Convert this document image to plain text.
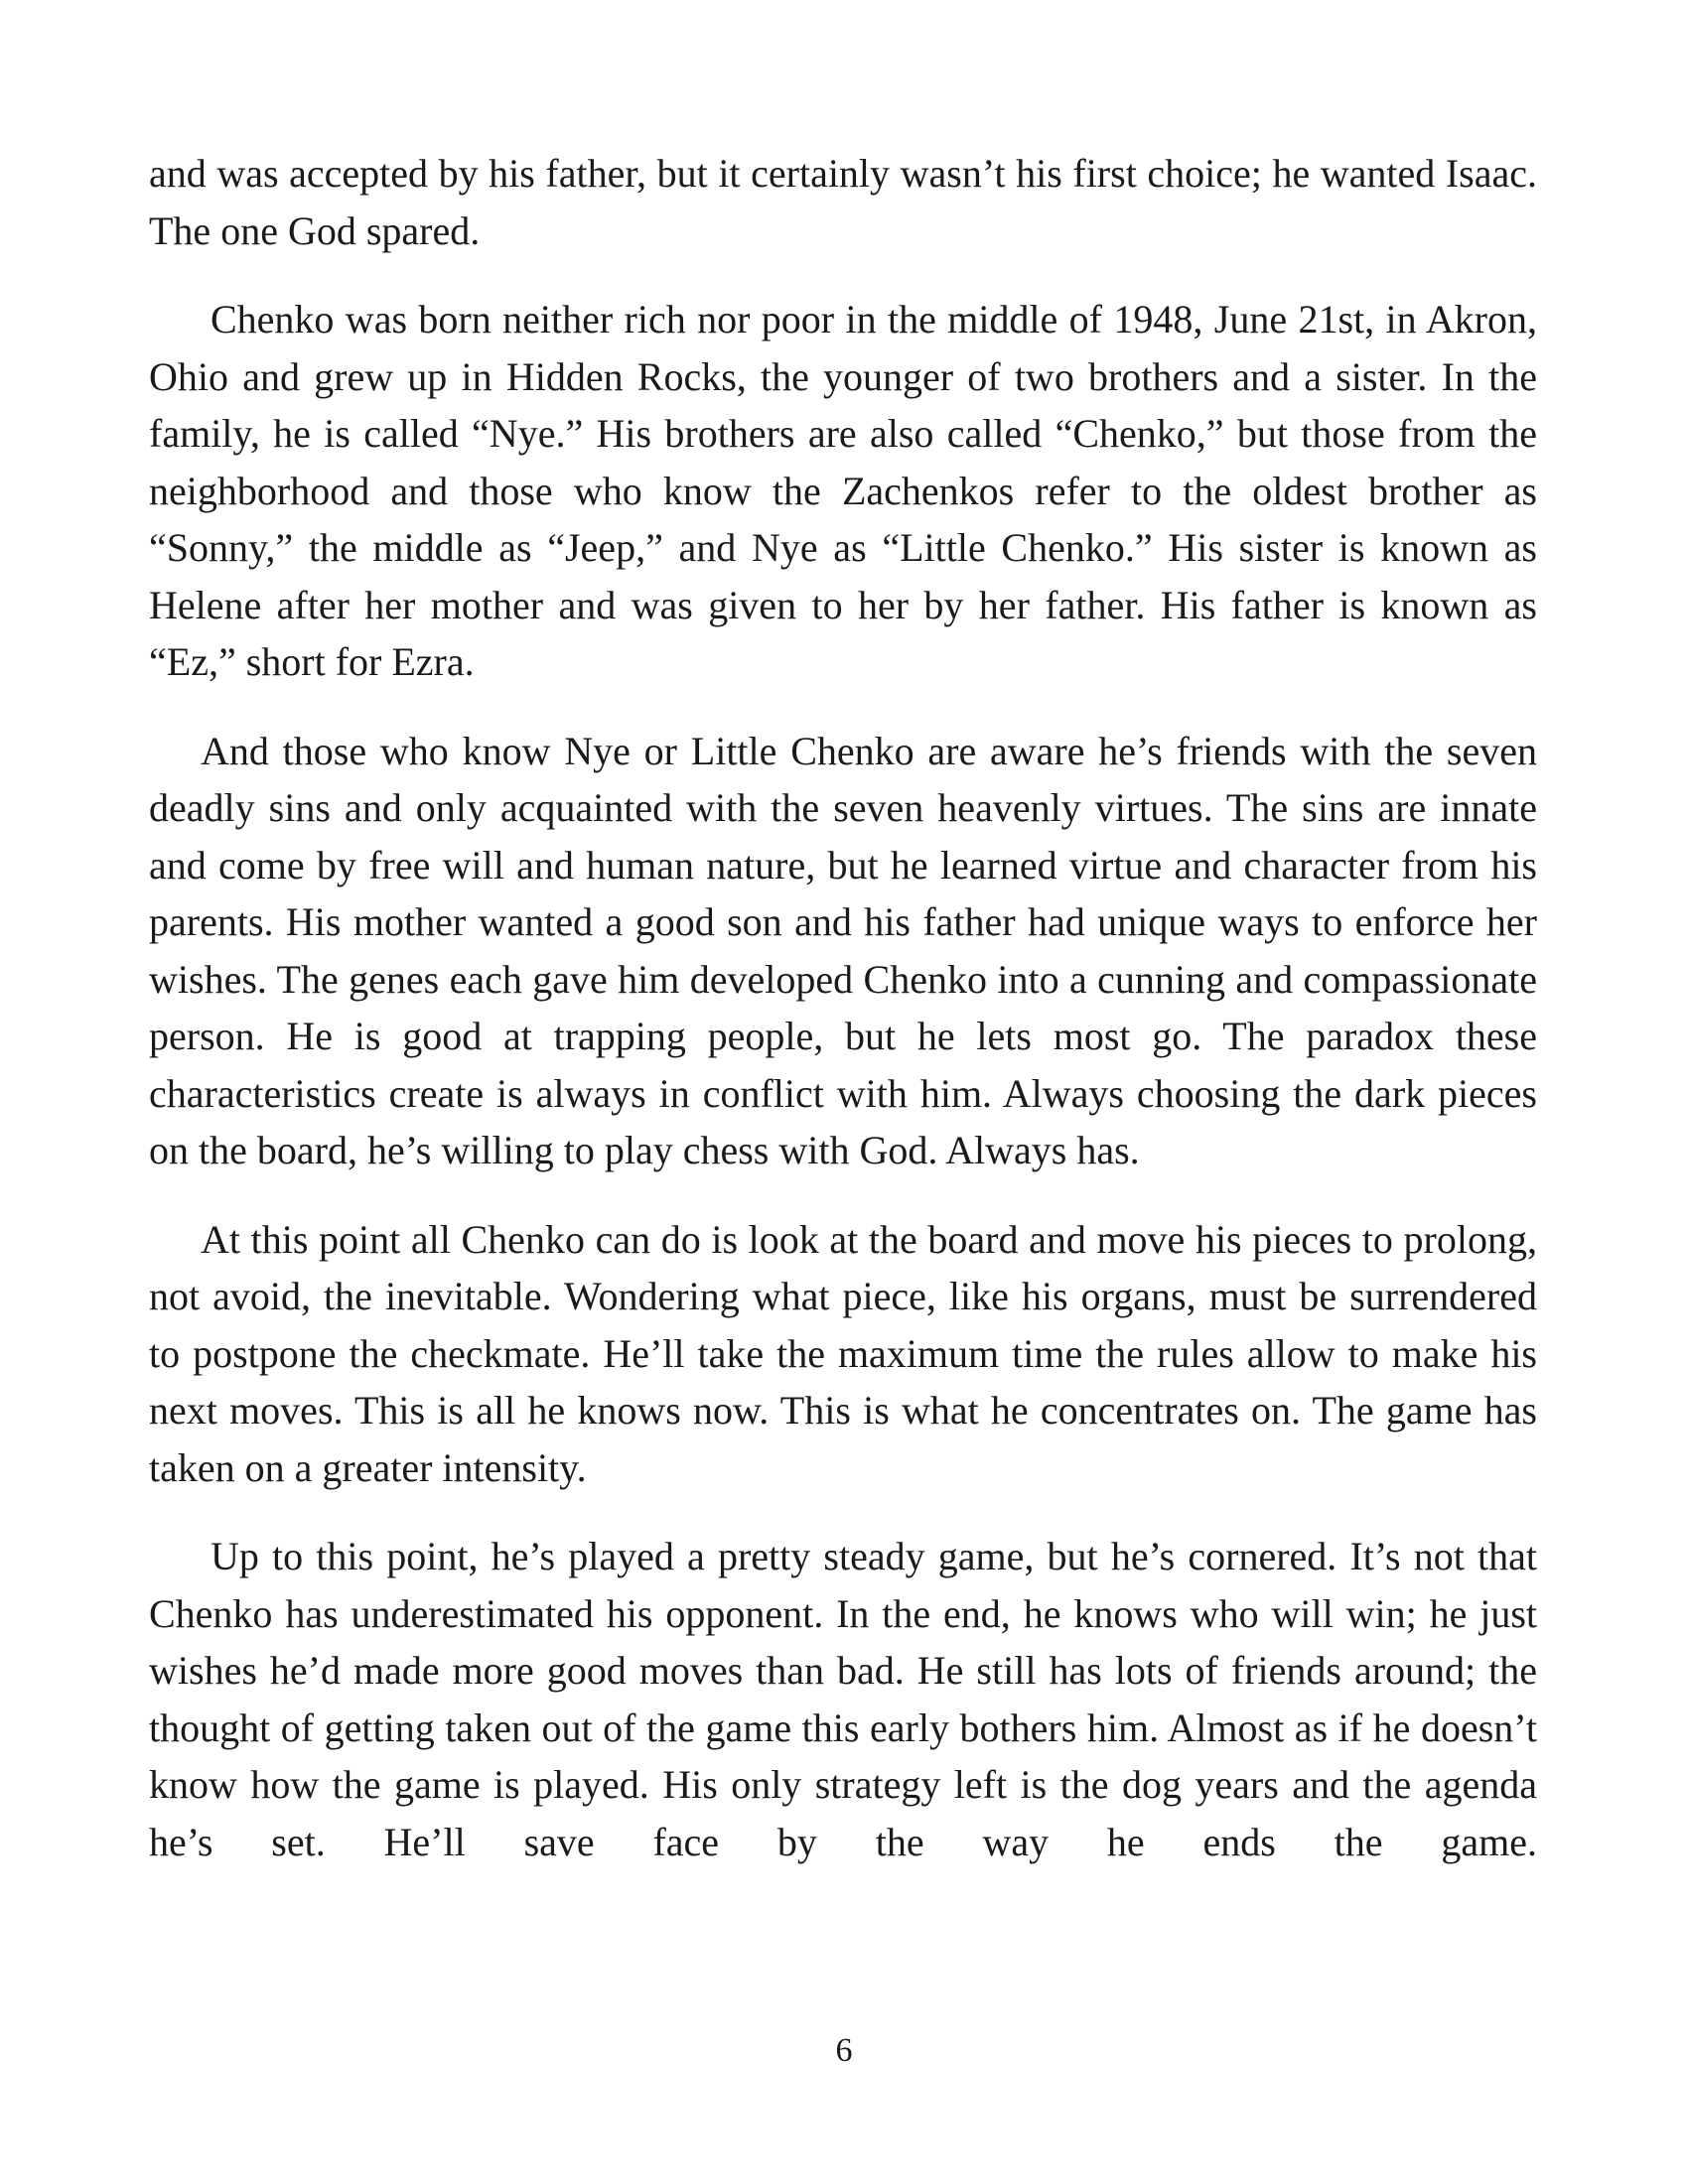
and was accepted by his father, but it certainly wasn’t his first choice; he wanted Isaac. The one God spared.

Chenko was born neither rich nor poor in the middle of 1948, June 21st, in Akron, Ohio and grew up in Hidden Rocks, the younger of two brothers and a sister. In the family, he is called “Nye.” His brothers are also called “Chenko,” but those from the neighborhood and those who know the Zachenkos refer to the oldest brother as “Sonny,” the middle as “Jeep,” and Nye as “Little Chenko.” His sister is known as Helene after her mother and was given to her by her father. His father is known as “Ez,” short for Ezra.

And those who know Nye or Little Chenko are aware he’s friends with the seven deadly sins and only acquainted with the seven heavenly virtues. The sins are innate and come by free will and human nature, but he learned virtue and character from his parents. His mother wanted a good son and his father had unique ways to enforce her wishes. The genes each gave him developed Chenko into a cunning and compassionate person. He is good at trapping people, but he lets most go. The paradox these characteristics create is always in conflict with him. Always choosing the dark pieces on the board, he’s willing to play chess with God. Always has.

At this point all Chenko can do is look at the board and move his pieces to prolong, not avoid, the inevitable. Wondering what piece, like his organs, must be surrendered to postpone the checkmate. He’ll take the maximum time the rules allow to make his next moves. This is all he knows now. This is what he concentrates on. The game has taken on a greater intensity.

Up to this point, he’s played a pretty steady game, but he’s cornered. It’s not that Chenko has underestimated his opponent. In the end, he knows who will win; he just wishes he’d made more good moves than bad. He still has lots of friends around; the thought of getting taken out of the game this early bothers him. Almost as if he doesn’t know how the game is played. His only strategy left is the dog years and the agenda he’s set. He’ll save face by the way he ends the game.

6
